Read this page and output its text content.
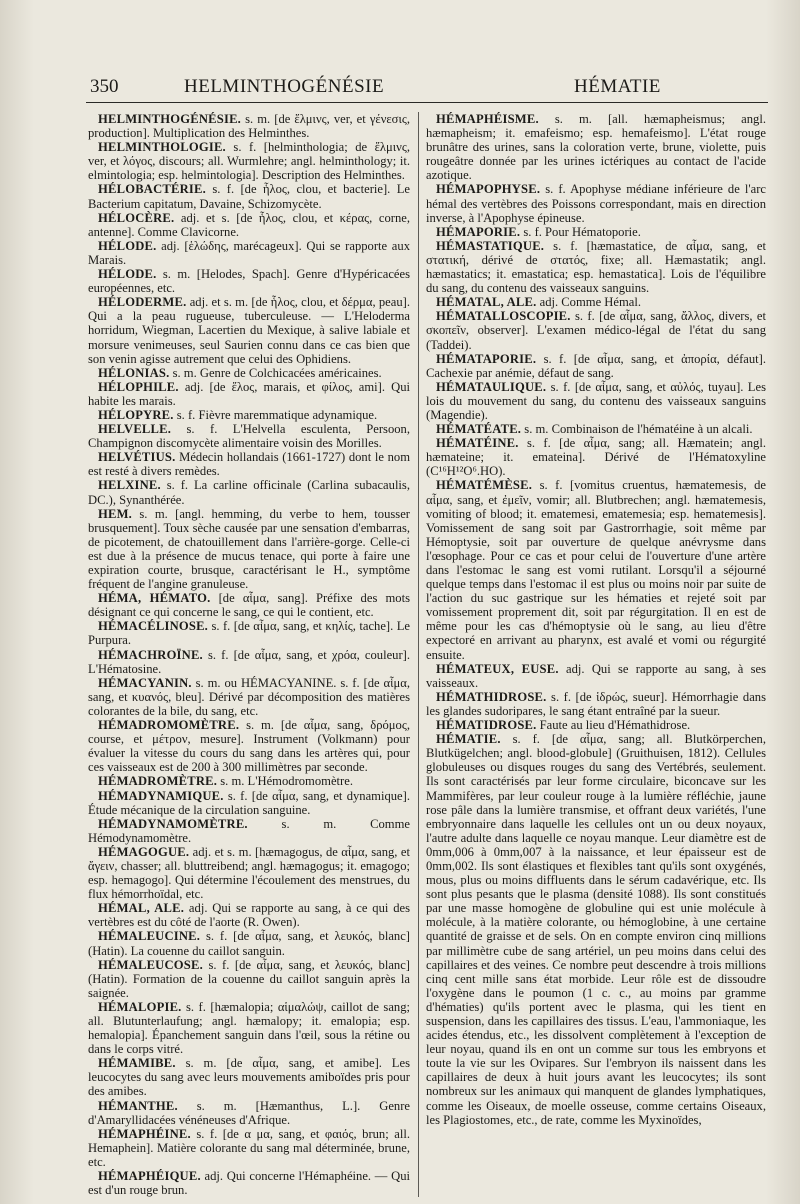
350	HELMINTHOGÉNÉSIE	HÉMATIE

HELMINTHOGÉNÉSIE. s. m. [de ἕλμινς, ver, et γένεσις, production]. Multiplication des Helminthes.

HELMINTHOLOGIE. s. f. [helminthologia; de ἕλμινς, ver, et λόγος, discours; all. Wurmlehre; angl. helminthology; it. elmintologia; esp. helmintologia]. Description des Helminthes.

HÉLOBACTÉRIE. s. f. [de ἧλος, clou, et bacterie]. Le Bacterium capitatum, Davaine, Schizomycète.

HÉLOCÈRE. adj. et s. [de ἧλος, clou, et κέρας, corne, antenne]. Comme Clavicorne.

HÉLODE. adj. [ἑλώδης, marécageux]. Qui se rapporte aux Marais.

HÉLODE. s. m. [Helodes, Spach]. Genre d'Hypéricacées européennes, etc.

HÉLODERME. adj. et s. m. [de ἧλος, clou, et δέρμα, peau]. Qui a la peau rugueuse, tuberculeuse. — L'Heloderma horridum, Wiegman, Lacertien du Mexique, à salive labiale et morsure venimeuses, seul Saurien connu dans ce cas bien que son venin agisse autrement que celui des Ophidiens.

HÉLONIAS. s. m. Genre de Colchicacées américaines.

HÉLOPHILE. adj. [de ἕλος, marais, et φίλος, ami]. Qui habite les marais.

HÉLOPYRE. s. f. Fièvre maremmatique adynamique.

HELVELLE. s. f. L'Helvella esculenta, Persoon, Champignon discomycète alimentaire voisin des Morilles.

HELVÉTIUS. Médecin hollandais (1661-1727) dont le nom est resté à divers remèdes.

HELXINE. s. f. La carline officinale (Carlina subacaulis, DC.), Synanthérée.

HEM. s. m. [angl. hemming, du verbe to hem, tousser brusquement]. Toux sèche causée par une sensation d'embarras, de picotement, de chatouillement dans l'arrière-gorge. Celle-ci est due à la présence de mucus tenace, qui porte à faire une expiration courte, brusque, caractérisant le H., symptôme fréquent de l'angine granuleuse.

HÉMA, HÉMATO. [de αἷμα, sang]. Préfixe des mots désignant ce qui concerne le sang, ce qui le contient, etc.

HÉMACÉLINOSE. s. f. [de αἷμα, sang, et κηλίς, tache]. Le Purpura.

HÉMACHROÏNE. s. f. [de αἷμα, sang, et χρόα, couleur]. L'Hématosine.

HÉMACYANIN. s. m. ou HÉMACYANINE. s. f. [de αἷμα, sang, et κυανός, bleu]. Dérivé par décomposition des matières colorantes de la bile, du sang, etc.

HÉMADROMOMÈTRE. s. m. [de αἷμα, sang, δρόμος, course, et μέτρον, mesure]. Instrument (Volkmann) pour évaluer la vitesse du cours du sang dans les artères qui, pour ces vaisseaux est de 200 à 300 millimètres par seconde.

HÉMADROMÈTRE. s. m. L'Hémodromomètre.

HÉMADYNAMIQUE. s. f. [de αἷμα, sang, et dynamique]. Étude mécanique de la circulation sanguine.

HÉMADYNAMOMÈTRE. s. m. Comme Hémodynamomètre.

HÉMAGOGUE. adj. et s. m. [hæmagogus, de αἷμα, sang, et ἄγειν, chasser; all. bluttreibend; angl. hæmagogus; it. emagogo; esp. hemagogo]. Qui détermine l'écoulement des menstrues, du flux hémorrhoïdal, etc.

HÉMAL, ALE. adj. Qui se rapporte au sang, à ce qui des vertèbres est du côté de l'aorte (R. Owen).

HÉMALEUCINE. s. f. [de αἷμα, sang, et λευκός, blanc] (Hatin). La couenne du caillot sanguin.

HÉMALEUCOSE. s. f. [de αἷμα, sang, et λευκός, blanc] (Hatin). Formation de la couenne du caillot sanguin après la saignée.

HÉMALOPIE. s. f. [hæmalopia; αἱμαλώψ, caillot de sang; all. Blutunterlaufung; angl. hæmalopy; it. emalopia; esp. hemalopia]. Épanchement sanguin dans l'œil, sous la rétine ou dans le corps vitré.

HÉMAMIBE. s. m. [de αἷμα, sang, et amibe]. Les leucocytes du sang avec leurs mouvements amiboïdes pris pour des amibes.

HÉMANTHE. s. m. [Hæmanthus, L.]. Genre d'Amaryllidacées vénéneuses d'Afrique.

HÉMAPHÉINE. s. f. [de α μα, sang, et φαιός, brun; all. Hemaphein]. Matière colorante du sang mal déterminée, brune, etc.

HÉMAPHÉIQUE. adj. Qui concerne l'Hémaphéine. — Qui est d'un rouge brun.

HÉMAPHÉISME. s. m. [all. hæmapheismus; angl. hæmapheism; it. emafeismo; esp. hemafeismo]. L'état rouge brunâtre des urines, sans la coloration verte, brune, violette, puis rougeâtre donnée par les urines ictériques au contact de l'acide azotique.

HÉMAPOPHYSE. s. f. Apophyse médiane inférieure de l'arc hémal des vertèbres des Poissons correspondant, mais en direction inverse, à l'Apophyse épineuse.

HÉMAPORIE. s. f. Pour Hématoporie.

HÉMASTATIQUE. s. f. [hæmastatice, de αἷμα, sang, et στατική, dérivé de στατός, fixe; all. Hæmastatik; angl. hæmastatics; it. emastatica; esp. hemastatica]. Lois de l'équilibre du sang, du contenu des vaisseaux sanguins.

HÉMATAL, ALE. adj. Comme Hémal.

HÉMATALLOSCOPIE. s. f. [de αἷμα, sang, ἄλλος, divers, et σκοπεῖν, observer]. L'examen médico-légal de l'état du sang (Taddei).

HÉMATAPORIE. s. f. [de αἷμα, sang, et ἀπορία, défaut]. Cachexie par anémie, défaut de sang.

HÉMATAULIQUE. s. f. [de αἷμα, sang, et αὐλός, tuyau]. Les lois du mouvement du sang, du contenu des vaisseaux sanguins (Magendie).

HÉMATÉATE. s. m. Combinaison de l'hématéine à un alcali.

HÉMATÉINE. s. f. [de αἷμα, sang; all. Hæmatein; angl. hæmateine; it. emateina]. Dérivé de l'Hématoxyline (C¹⁶H¹²O⁶.HO).

HÉMATÉMÈSE. s. f. [vomitus cruentus, hæmatemesis, de αἷμα, sang, et ἐμεῖν, vomir; all. Blutbrechen; angl. hæmatemesis, vomiting of blood; it. ematemesi, ematemesia; esp. hematemesis]. Vomissement de sang soit par Gastrorrhagie, soit même par Hémoptysie, soit par ouverture de quelque anévrysme dans l'œsophage. Pour ce cas et pour celui de l'ouverture d'une artère dans l'estomac le sang est vomi rutilant. Lorsqu'il a séjourné quelque temps dans l'estomac il est plus ou moins noir par suite de l'action du suc gastrique sur les hématies et rejeté soit par vomissement proprement dit, soit par régurgitation. Il en est de même pour les cas d'hémoptysie où le sang, au lieu d'être expectoré en arrivant au pharynx, est avalé et vomi ou régurgité ensuite.

HÉMATEUX, EUSE. adj. Qui se rapporte au sang, à ses vaisseaux.

HÉMATHIDROSE. s. f. [de ἱδρώς, sueur]. Hémorrhagie dans les glandes sudoripares, le sang étant entraîné par la sueur.

HÉMATIDROSE. Faute au lieu d'Hémathidrose.

HÉMATIE. s. f. [de αἷμα, sang; all. Blutkörperchen, Blutkügelchen; angl. blood-globule] (Gruithuisen, 1812). Cellules globuleuses ou disques rouges du sang des Vertébrés, seulement. Ils sont caractérisés par leur forme circulaire, biconcave sur les Mammifères, par leur couleur rouge à la lumière réfléchie, jaune rose pâle dans la lumière transmise, et offrant deux variétés, l'une embryonnaire dans laquelle les cellules ont un ou deux noyaux, l'autre adulte dans laquelle ce noyau manque. Leur diamètre est de 0mm,006 à 0mm,007 à la naissance, et leur épaisseur est de 0mm,002. Ils sont élastiques et flexibles tant qu'ils sont oxygénés, mous, plus ou moins diffluents dans le sérum cadavérique, etc. Ils sont plus pesants que le plasma (densité 1088). Ils sont constitués par une masse homogène de globuline qui est unie molécule à molécule, à la matière colorante, ou hémoglobine, à une certaine quantité de graisse et de sels. On en compte environ cinq millions par millimètre cube de sang artériel, un peu moins dans celui des capillaires et des veines. Ce nombre peut descendre à trois millions cinq cent mille sans état morbide. Leur rôle est de dissoudre l'oxygène dans le poumon (1 c. c., au moins par gramme d'hématies) qu'ils portent avec le plasma, qui les tient en suspension, dans les capillaires des tissus. L'eau, l'ammoniaque, les acides étendus, etc., les dissolvent complètement à l'exception de leur noyau, quand ils en ont un comme sur tous les embryons et toute la vie sur les Ovipares. Sur l'embryon ils naissent dans les capillaires de deux à huit jours avant les leucocytes; ils sont nombreux sur les animaux qui manquent de glandes lymphatiques, comme les Oiseaux, de moelle osseuse, comme certains Oiseaux, les Plagiostomes, etc., de rate, comme les Myxinoïdes,
